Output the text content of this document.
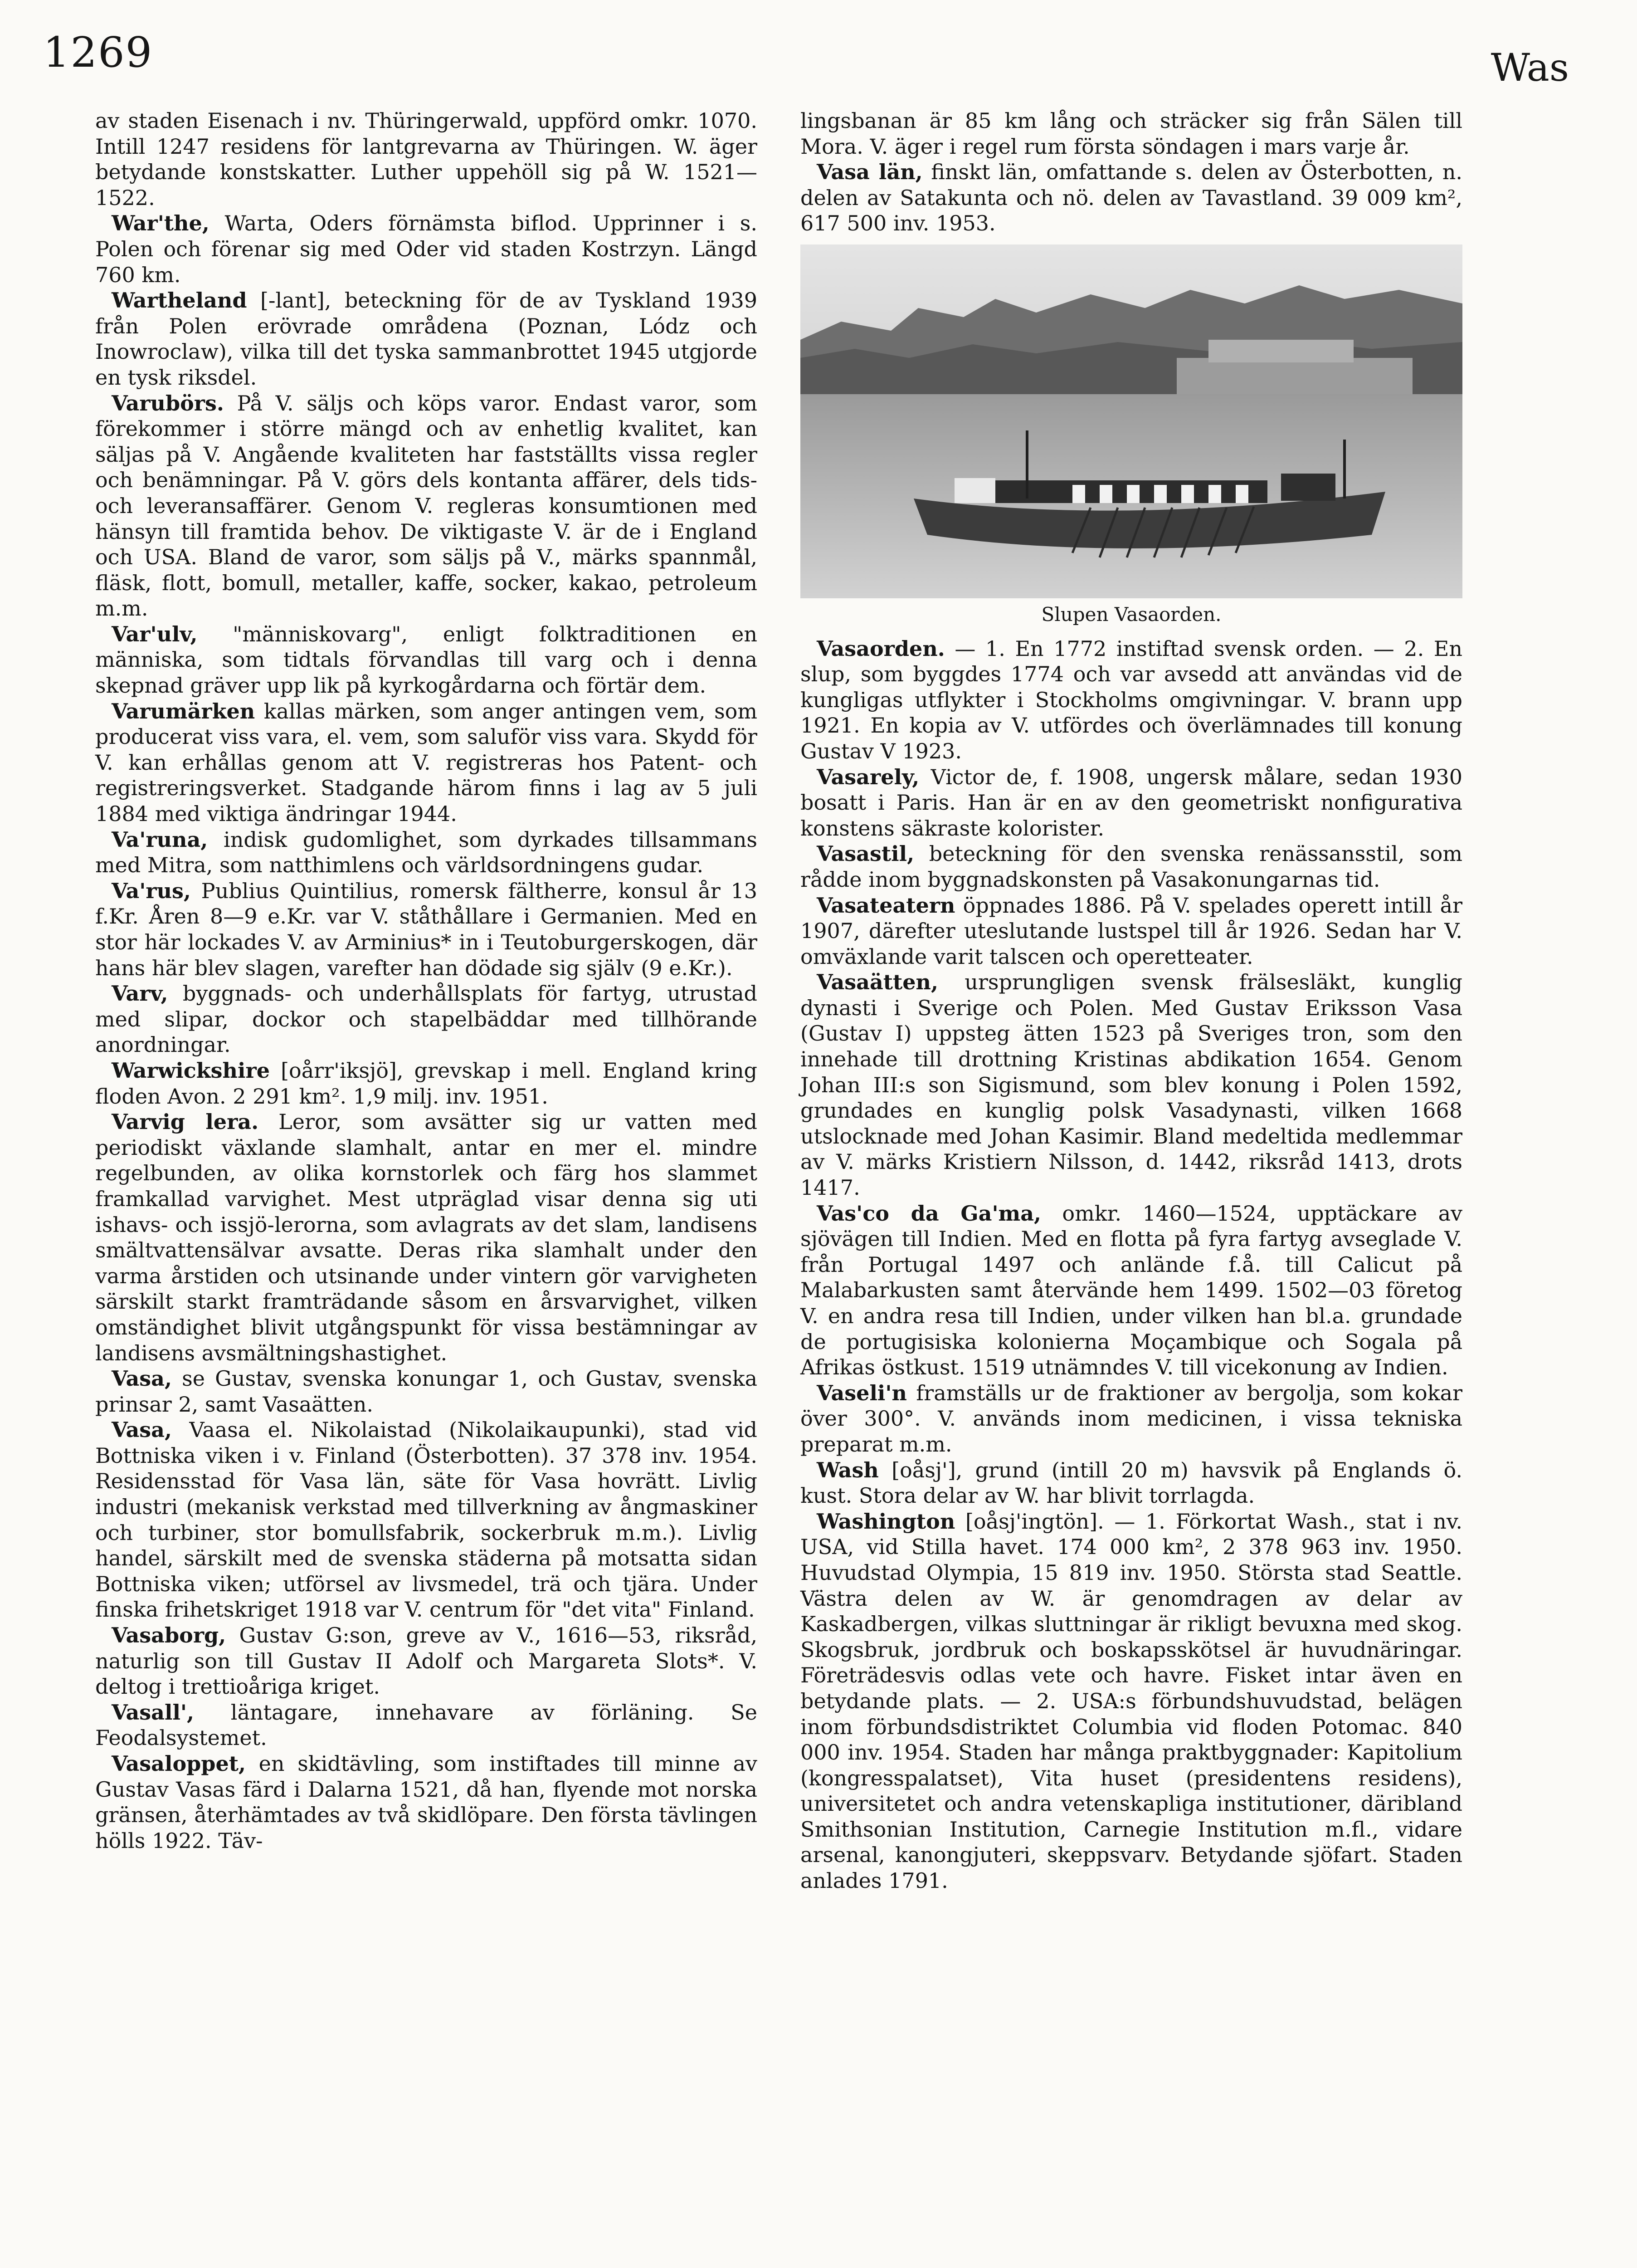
1269	Was

av staden Eisenach i nv. Thüringerwald, uppförd omkr. 1070. Intill 1247 residens för lantgrevarna av Thüringen. W. äger betydande konstskatter. Luther uppehöll sig på W. 1521—1522.

War'the, Warta, Oders förnämsta biflod. Upprinner i s. Polen och förenar sig med Oder vid staden Kostrzyn. Längd 760 km.

Wartheland [-lant], beteckning för de av Tyskland 1939 från Polen erövrade områdena (Poznan, Lódz och Inowroclaw), vilka till det tyska sammanbrottet 1945 utgjorde en tysk riksdel.

Varubörs. På V. säljs och köps varor. Endast varor, som förekommer i större mängd och av enhetlig kvalitet, kan säljas på V. Angående kvaliteten har fastställts vissa regler och benämningar. På V. görs dels kontanta affärer, dels tids- och leveransaffärer. Genom V. regleras konsumtionen med hänsyn till framtida behov. De viktigaste V. är de i England och USA. Bland de varor, som säljs på V., märks spannmål, fläsk, flott, bomull, metaller, kaffe, socker, kakao, petroleum m.m.

Var'ulv, "människovarg", enligt folktraditionen en människa, som tidtals förvandlas till varg och i denna skepnad gräver upp lik på kyrkogårdarna och förtär dem.

Varumärken kallas märken, som anger antingen vem, som producerat viss vara, el. vem, som saluför viss vara. Skydd för V. kan erhållas genom att V. registreras hos Patent- och registreringsverket. Stadgande härom finns i lag av 5 juli 1884 med viktiga ändringar 1944.

Va'runa, indisk gudomlighet, som dyrkades tillsammans med Mitra, som natthimlens och världsordningens gudar.

Va'rus, Publius Quintilius, romersk fältherre, konsul år 13 f.Kr. Åren 8—9 e.Kr. var V. ståthållare i Germanien. Med en stor här lockades V. av Arminius* in i Teutoburgerskogen, där hans här blev slagen, varefter han dödade sig själv (9 e.Kr.).

Varv, byggnads- och underhållsplats för fartyg, utrustad med slipar, dockor och stapelbäddar med tillhörande anordningar.

Warwickshire [oårr'iksjö], grevskap i mell. England kring floden Avon. 2 291 km². 1,9 milj. inv. 1951.

Varvig lera. Leror, som avsätter sig ur vatten med periodiskt växlande slamhalt, antar en mer el. mindre regelbunden, av olika kornstorlek och färg hos slammet framkallad varvighet. Mest utpräglad visar denna sig uti ishavs- och issjö-lerorna, som avlagrats av det slam, landisens smältvattensälvar avsatte. Deras rika slamhalt under den varma årstiden och utsinande under vintern gör varvigheten särskilt starkt framträdande såsom en årsvarvighet, vilken omständighet blivit utgångspunkt för vissa bestämningar av landisens avsmältningshastighet.

Vasa, se Gustav, svenska konungar 1, och Gustav, svenska prinsar 2, samt Vasaätten.

Vasa, Vaasa el. Nikolaistad (Nikolaikaupunki), stad vid Bottniska viken i v. Finland (Österbotten). 37 378 inv. 1954. Residensstad för Vasa län, säte för Vasa hovrätt. Livlig industri (mekanisk verkstad med tillverkning av ångmaskiner och turbiner, stor bomullsfabrik, sockerbruk m.m.). Livlig handel, särskilt med de svenska städerna på motsatta sidan Bottniska viken; utförsel av livsmedel, trä och tjära. Under finska frihetskriget 1918 var V. centrum för "det vita" Finland.

Vasaborg, Gustav G:son, greve av V., 1616—53, riksråd, naturlig son till Gustav II Adolf och Margareta Slots*. V. deltog i trettioåriga kriget.

Vasall', läntagare, innehavare av förläning. Se Feodalsystemet.

Vasaloppet, en skidtävling, som instiftades till minne av Gustav Vasas färd i Dalarna 1521, då han, flyende mot norska gränsen, återhämtades av två skidlöpare. Den första tävlingen hölls 1922. Täv-

lingsbanan är 85 km lång och sträcker sig från Sälen till Mora. V. äger i regel rum första söndagen i mars varje år.

Vasa län, finskt län, omfattande s. delen av Österbotten, n. delen av Satakunta och nö. delen av Tavastland. 39 009 km², 617 500 inv. 1953.

Slupen Vasaorden.

Vasaorden. — 1. En 1772 instiftad svensk orden. — 2. En slup, som byggdes 1774 och var avsedd att användas vid de kungligas utflykter i Stockholms omgivningar. V. brann upp 1921. En kopia av V. utfördes och överlämnades till konung Gustav V 1923.

Vasarely, Victor de, f. 1908, ungersk målare, sedan 1930 bosatt i Paris. Han är en av den geometriskt nonfigurativa konstens säkraste kolorister.

Vasastil, beteckning för den svenska renässansstil, som rådde inom byggnadskonsten på Vasakonungarnas tid.

Vasateatern öppnades 1886. På V. spelades operett intill år 1907, därefter uteslutande lustspel till år 1926. Sedan har V. omväxlande varit talscen och operetteater.

Vasaätten, ursprungligen svensk frälsesläkt, kunglig dynasti i Sverige och Polen. Med Gustav Eriksson Vasa (Gustav I) uppsteg ätten 1523 på Sveriges tron, som den innehade till drottning Kristinas abdikation 1654. Genom Johan III:s son Sigismund, som blev konung i Polen 1592, grundades en kunglig polsk Vasadynasti, vilken 1668 utslocknade med Johan Kasimir. Bland medeltida medlemmar av V. märks Kristiern Nilsson, d. 1442, riksråd 1413, drots 1417.

Vas'co da Ga'ma, omkr. 1460—1524, upptäckare av sjövägen till Indien. Med en flotta på fyra fartyg avseglade V. från Portugal 1497 och anlände f.å. till Calicut på Malabarkusten samt återvände hem 1499. 1502—03 företog V. en andra resa till Indien, under vilken han bl.a. grundade de portugisiska kolonierna Moçambique och Sogala på Afrikas östkust. 1519 utnämndes V. till vicekonung av Indien.

Vaseli'n framställs ur de fraktioner av bergolja, som kokar över 300°. V. används inom medicinen, i vissa tekniska preparat m.m.

Wash [oåsj'], grund (intill 20 m) havsvik på Englands ö. kust. Stora delar av W. har blivit torrlagda.

Washington [oåsj'ingtön]. — 1. Förkortat Wash., stat i nv. USA, vid Stilla havet. 174 000 km², 2 378 963 inv. 1950. Huvudstad Olympia, 15 819 inv. 1950. Största stad Seattle. Västra delen av W. är genomdragen av delar av Kaskadbergen, vilkas sluttningar är rikligt bevuxna med skog. Skogsbruk, jordbruk och boskapsskötsel är huvudnäringar. Företrädesvis odlas vete och havre. Fisket intar även en betydande plats. — 2. USA:s förbundshuvudstad, belägen inom förbundsdistriktet Columbia vid floden Potomac. 840 000 inv. 1954. Staden har många praktbyggnader: Kapitolium (kongresspalatset), Vita huset (presidentens residens), universitetet och andra vetenskapliga institutioner, däribland Smithsonian Institution, Carnegie Institution m.fl., vidare arsenal, kanongjuteri, skeppsvarv. Betydande sjöfart. Staden anlades 1791.
